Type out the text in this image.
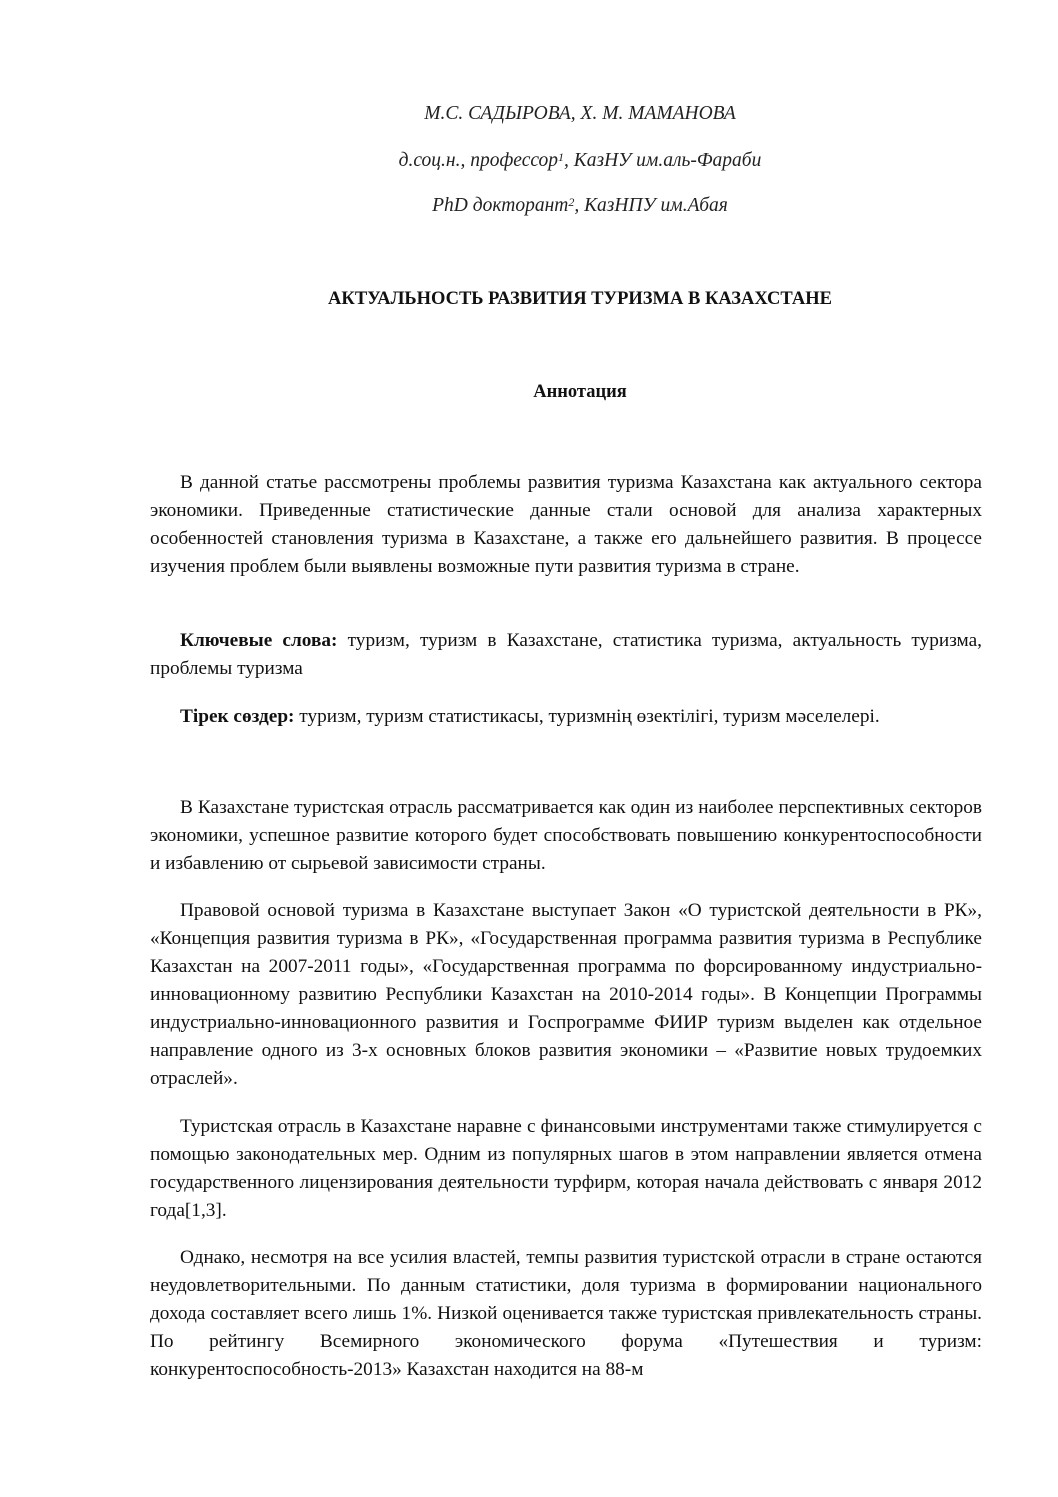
М.С. САДЫРОВА, Х. М. МАМАНОВА
д.соц.н., профессор$^1$, КазНУ им.аль-Фараби
PhD докторант$^2$, КазНПУ им.Абая
АКТУАЛЬНОСТЬ РАЗВИТИЯ ТУРИЗМА В КАЗАХСТАНЕ
Аннотация

В данной статье рассмотрены проблемы развития туризма Казахстана как актуального сектора экономики. Приведенные статистические данные стали основой для анализа характерных особенностей становления туризма в Казахстане, а также его дальнейшего развития. В процессе изучения проблем были выявлены возможные пути развития туризма в стране.

Ключевые слова: туризм, туризм в Казахстане, статистика туризма, актуальность туризма, проблемы туризма

Тірек сөздер: туризм, туризм статистикасы, туризмнің өзектілігі, туризм мәселелері.

В Казахстане туристская отрасль рассматривается как один из наиболее перспективных секторов экономики, успешное развитие которого будет способствовать повышению конкурентоспособности и избавлению от сырьевой зависимости страны.

Правовой основой туризма в Казахстане выступает Закон «О туристской деятельности в РК», «Концепция развития туризма в РК», «Государственная программа развития туризма в Республике Казахстан на 2007-2011 годы», «Государственная программа по форсированному индустриально-инновационному развитию Республики Казахстан на 2010-2014 годы». В Концепции Программы индустриально-инновационного развития и Госпрограмме ФИИР туризм выделен как отдельное направление одного из 3-х основных блоков развития экономики – «Развитие новых трудоемких отраслей».

Туристская отрасль в Казахстане наравне с финансовыми инструментами также стимулируется с помощью законодательных мер. Одним из популярных шагов в этом направлении является отмена государственного лицензирования деятельности турфирм, которая начала действовать с января 2012 года[1,3].

Однако, несмотря на все усилия властей, темпы развития туристской отрасли в стране остаются неудовлетворительными. По данным статистики, доля туризма в формировании национального дохода составляет всего лишь 1%. Низкой оценивается также туристская привлекательность страны. По рейтингу Всемирного экономического форума «Путешествия и туризм: конкурентоспособность-2013» Казахстан находится на 88-м
